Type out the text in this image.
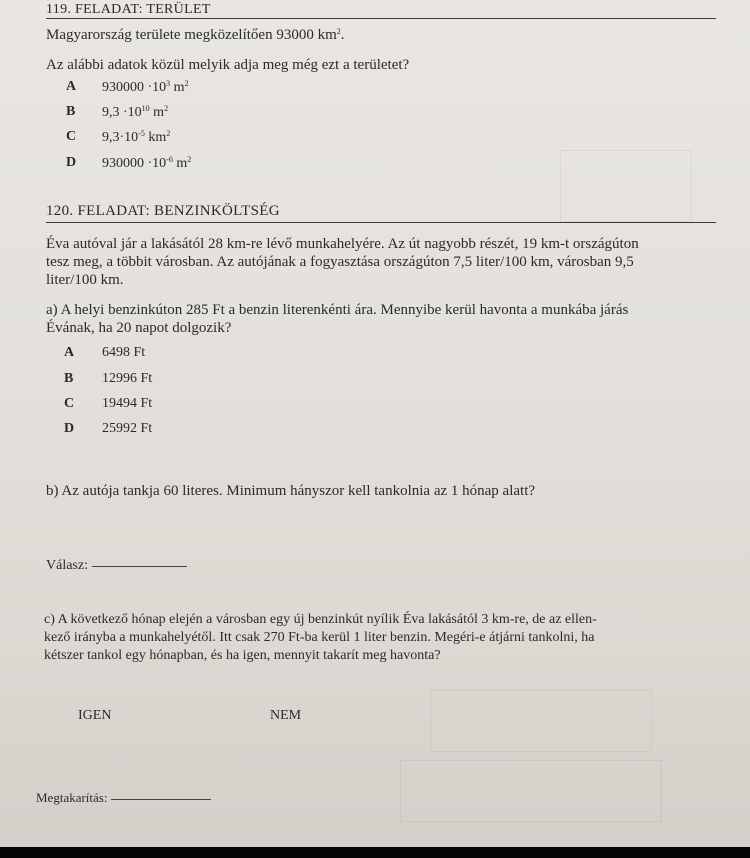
119. FELADAT: TERÜLET
Magyarország területe megközelítően 93000 $km^2$.
Az alábbi adatok közül melyik adja meg még ezt a területet?
A $930000 \cdot 10^3$ $m^2$
B $9,3 \cdot 10^{10}$ $m^2$
C $9,3\cdot 10^{-5}$ $km^2$
D $930000 \cdot 10^{-6}$ $m^2$
120. FELADAT: BENZINKÖLTSÉG
Éva autóval jár a lakásától 28 km-re lévő munkahelyére. Az út nagyobb részét, 19 km-t országúton
tesz meg, a többit városban. Az autójának a fogyasztása országúton 7,5 liter/100 km, városban 9,5
liter/100 km.
a) A helyi benzinkúton 285 Ft a benzin literenkénti ára. Mennyibe kerül havonta a munkába járás
Évának, ha 20 napot dolgozik?
A 6498 Ft
B 12996 Ft
C 19494 Ft
D 25992 Ft
b) Az autója tankja 60 literes. Minimum hányszor kell tankolnia az 1 hónap alatt?
Válasz:
c) A következő hónap elején a városban egy új benzinkút nyílik Éva lakásától 3 km-re, de az ellen-
kező irányba a munkahelyétől. Itt csak 270 Ft-ba kerül 1 liter benzin. Megéri-e átjárni tankolni, ha
kétszer tankol egy hónapban, és ha igen, mennyit takarít meg havonta?
IGEN	NEM
Megtakarítás:
